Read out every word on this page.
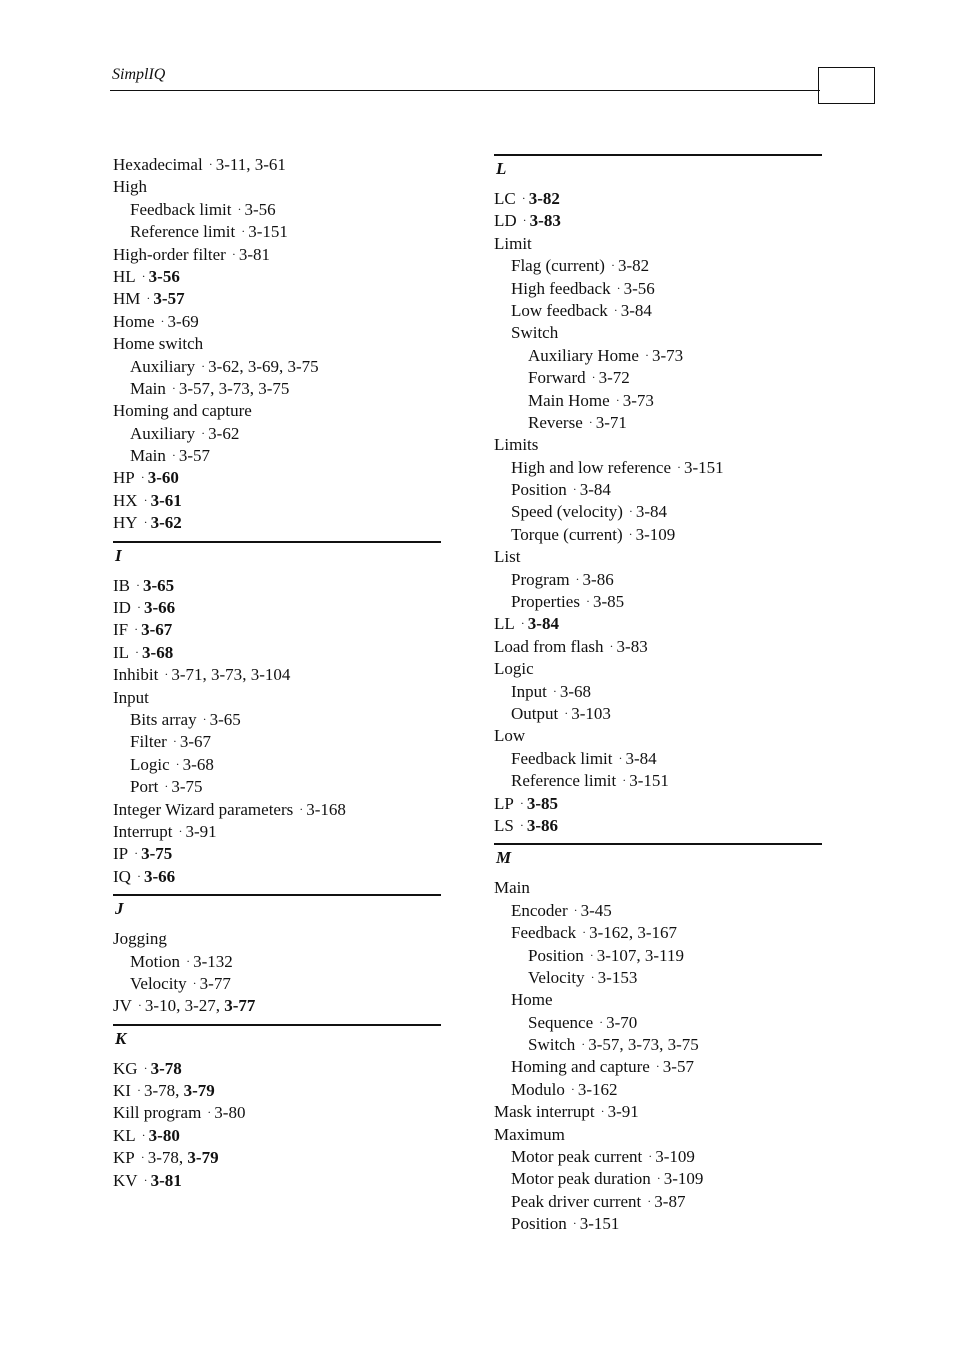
SimplIQ
Hexadecimal · 3-11, 3-61
High
Feedback limit · 3-56
Reference limit · 3-151
High-order filter · 3-81
HL · 3-56
HM · 3-57
Home · 3-69
Home switch
Auxiliary · 3-62, 3-69, 3-75
Main · 3-57, 3-73, 3-75
Homing and capture
Auxiliary · 3-62
Main · 3-57
HP · 3-60
HX · 3-61
HY · 3-62
I
IB · 3-65
ID · 3-66
IF · 3-67
IL · 3-68
Inhibit · 3-71, 3-73, 3-104
Input
Bits array · 3-65
Filter · 3-67
Logic · 3-68
Port · 3-75
Integer Wizard parameters · 3-168
Interrupt · 3-91
IP · 3-75
IQ · 3-66
J
Jogging
Motion · 3-132
Velocity · 3-77
JV · 3-10, 3-27, 3-77
K
KG · 3-78
KI · 3-78, 3-79
Kill program · 3-80
KL · 3-80
KP · 3-78, 3-79
KV · 3-81
L
LC · 3-82
LD · 3-83
Limit
Flag (current) · 3-82
High feedback · 3-56
Low feedback · 3-84
Switch
Auxiliary Home · 3-73
Forward · 3-72
Main Home · 3-73
Reverse · 3-71
Limits
High and low reference · 3-151
Position · 3-84
Speed (velocity) · 3-84
Torque (current) · 3-109
List
Program · 3-86
Properties · 3-85
LL · 3-84
Load from flash · 3-83
Logic
Input · 3-68
Output · 3-103
Low
Feedback limit · 3-84
Reference limit · 3-151
LP · 3-85
LS · 3-86
M
Main
Encoder · 3-45
Feedback · 3-162, 3-167
Position · 3-107, 3-119
Velocity · 3-153
Home
Sequence · 3-70
Switch · 3-57, 3-73, 3-75
Homing and capture · 3-57
Modulo · 3-162
Mask interrupt · 3-91
Maximum
Motor peak current · 3-109
Motor peak duration · 3-109
Peak driver current · 3-87
Position · 3-151
